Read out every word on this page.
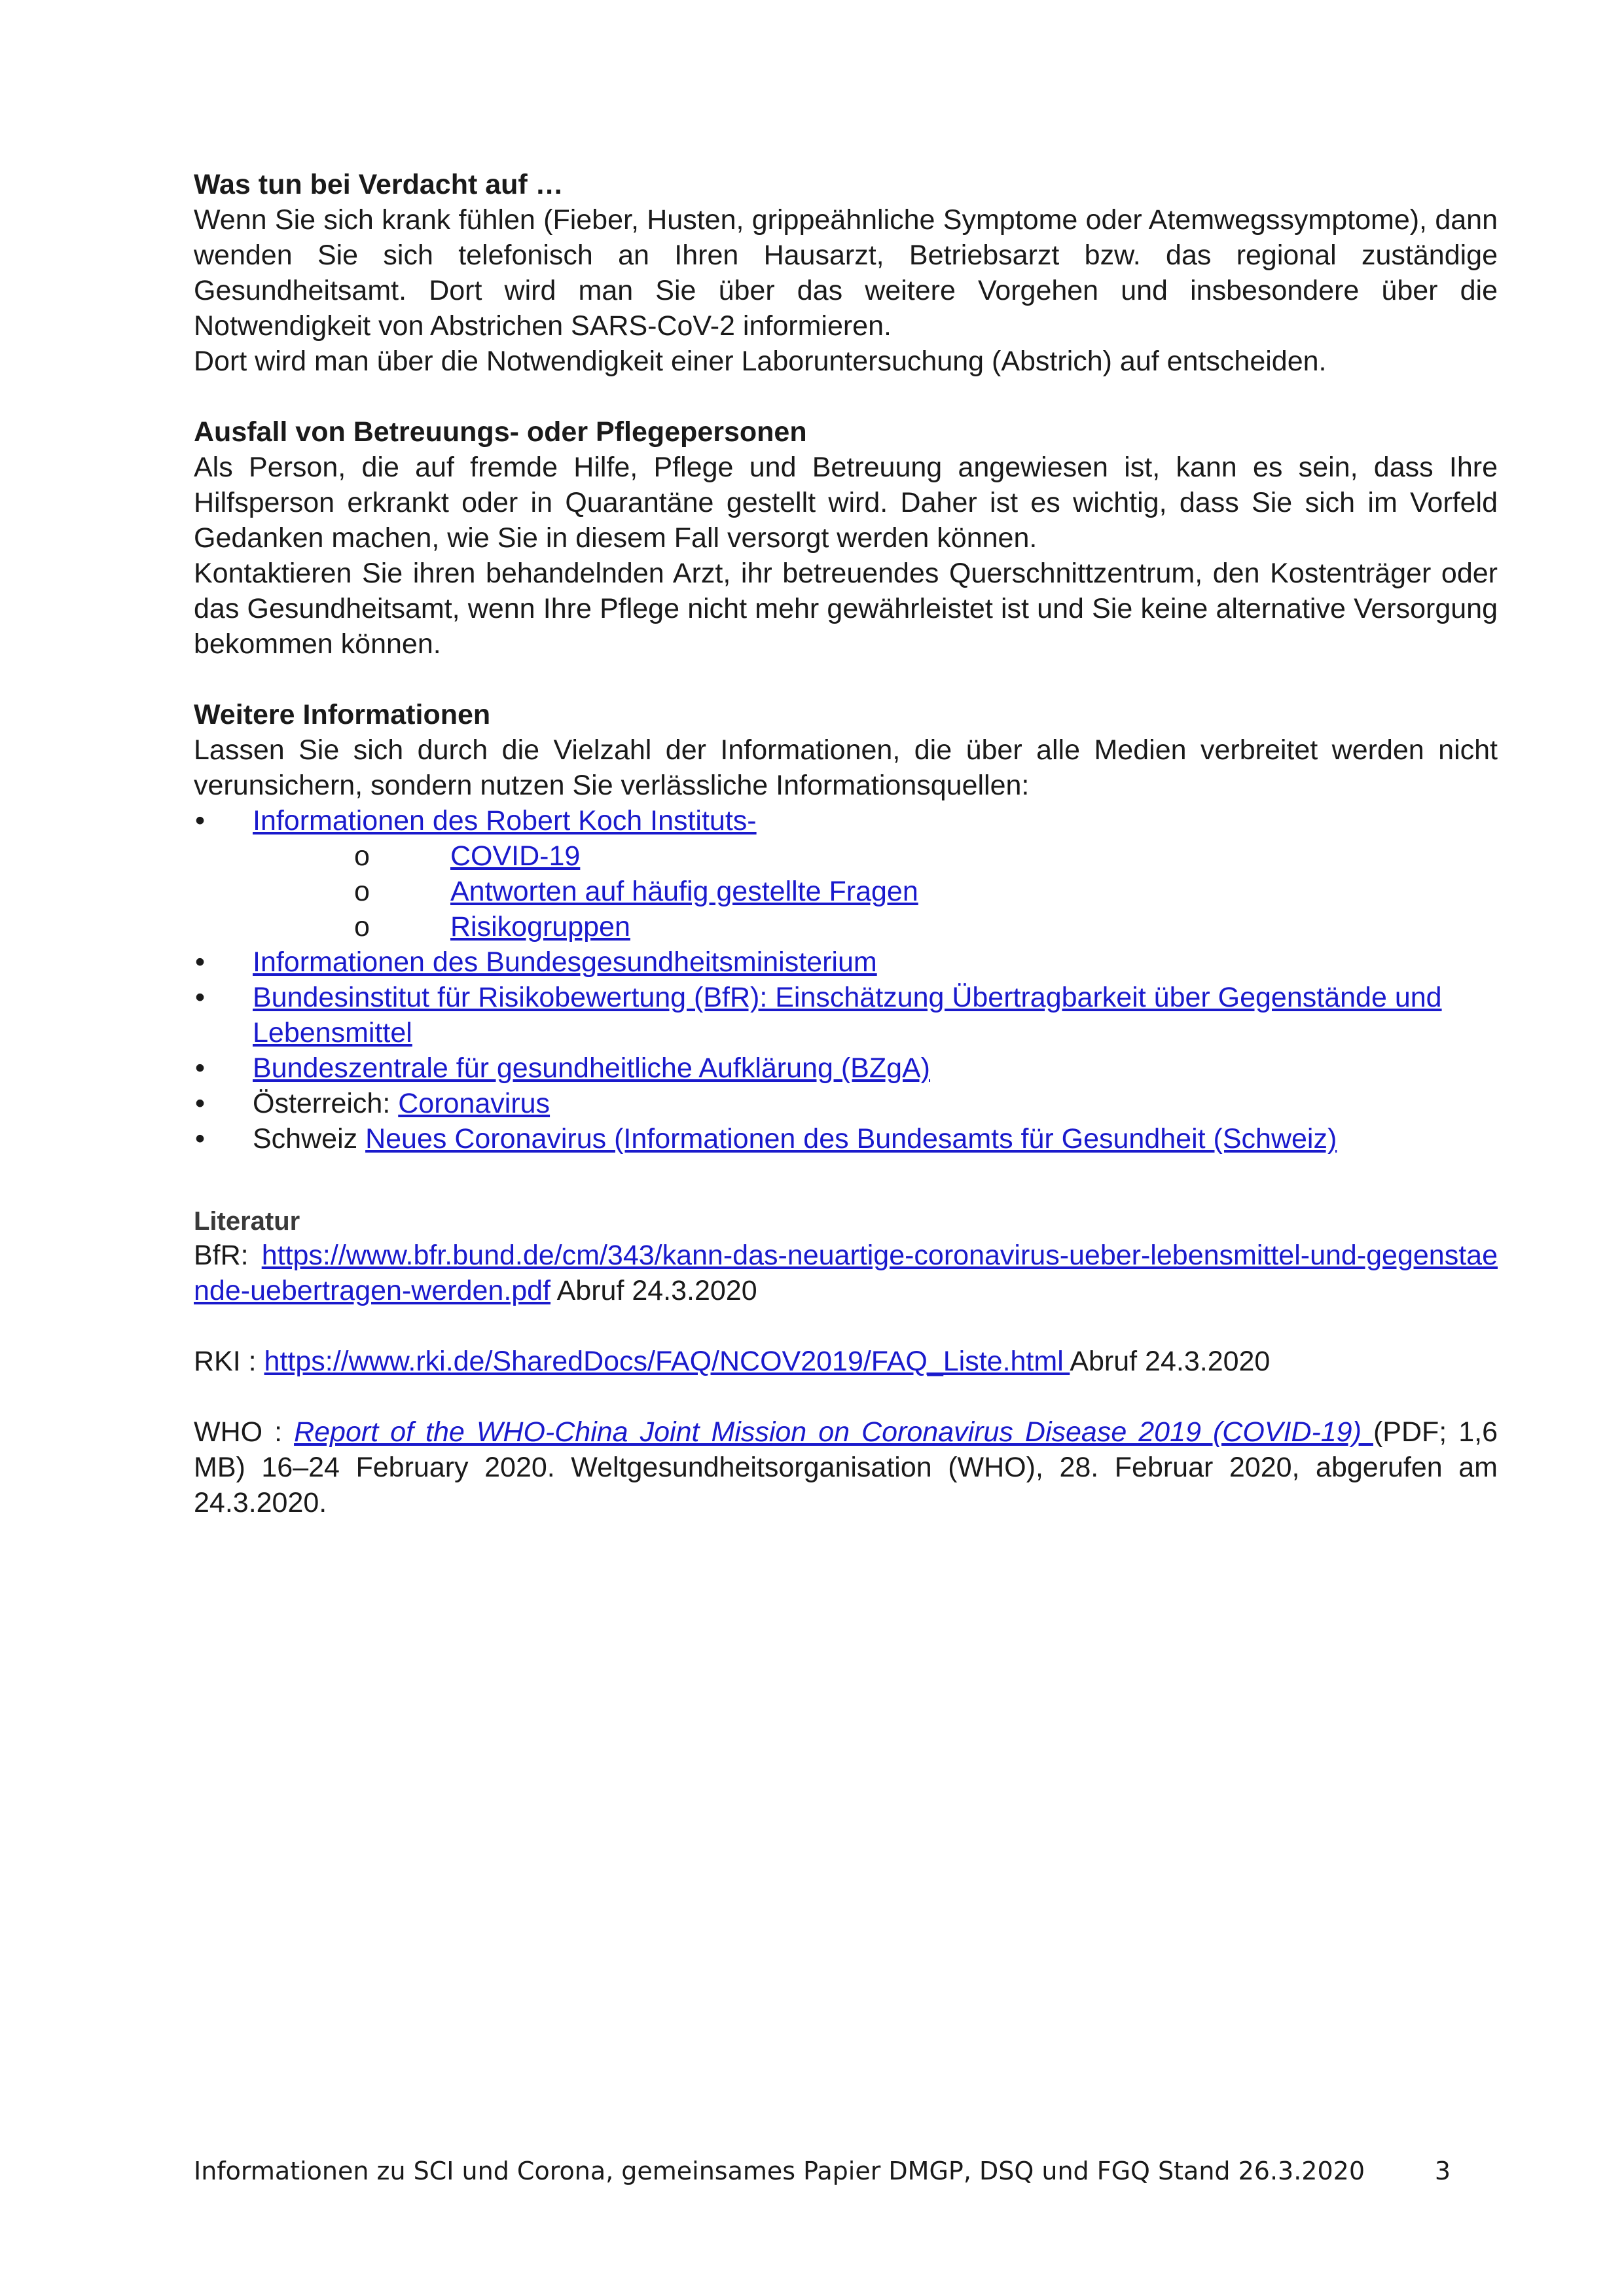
Was tun bei Verdacht auf …

Wenn Sie sich krank fühlen (Fieber, Husten, grippeähnliche Symptome oder Atemwegssymptome), dann wenden Sie sich telefonisch an Ihren Hausarzt, Betriebsarzt bzw. das regional zuständige Gesundheitsamt. Dort wird man Sie über das weitere Vorgehen und insbesondere über die Notwendigkeit von Abstrichen SARS-CoV-2 informieren.

Dort wird man über die Notwendigkeit einer Laboruntersuchung (Abstrich) auf entscheiden.

Ausfall von Betreuungs- oder Pflegepersonen

Als Person, die auf fremde Hilfe, Pflege und Betreuung angewiesen ist, kann es sein, dass Ihre Hilfsperson erkrankt oder in Quarantäne gestellt wird. Daher ist es wichtig, dass Sie sich im Vorfeld Gedanken machen, wie Sie in diesem Fall versorgt werden können.

Kontaktieren Sie ihren behandelnden Arzt, ihr betreuendes Querschnittzentrum, den Kostenträger oder das Gesundheitsamt, wenn Ihre Pflege nicht mehr gewährleistet ist und Sie keine alternative Versorgung bekommen können.

Weitere Informationen

Lassen Sie sich durch die Vielzahl der Informationen, die über alle Medien verbreitet werden nicht verunsichern, sondern nutzen Sie verlässliche Informationsquellen:

• Informationen des Robert Koch Instituts-
o COVID-19
o Antworten auf häufig gestellte Fragen
o Risikogruppen
• Informationen des Bundesgesundheitsministerium
• Bundesinstitut für Risikobewertung (BfR): Einschätzung Übertragbarkeit über Gegenstände und Lebensmittel
• Bundeszentrale für gesundheitliche Aufklärung (BZgA)
• Österreich: Coronavirus
• Schweiz Neues Coronavirus (Informationen des Bundesamts für Gesundheit (Schweiz)
Literatur

BfR: https://www.bfr.bund.de/cm/343/kann-das-neuartige-coronavirus-ueber-lebensmittel-und-gegenstaende-uebertragen-werden.pdf Abruf 24.3.2020

RKI : https://www.rki.de/SharedDocs/FAQ/NCOV2019/FAQ_Liste.html Abruf 24.3.2020

WHO : Report of the WHO-China Joint Mission on Coronavirus Disease 2019 (COVID-19) (PDF; 1,6 MB) 16–24 February 2020. Weltgesundheitsorganisation (WHO), 28. Februar 2020, abgerufen am 24.3.2020.

Informationen zu SCI und Corona, gemeinsames Papier DMGP, DSQ und FGQ Stand 26.3.2020	3
